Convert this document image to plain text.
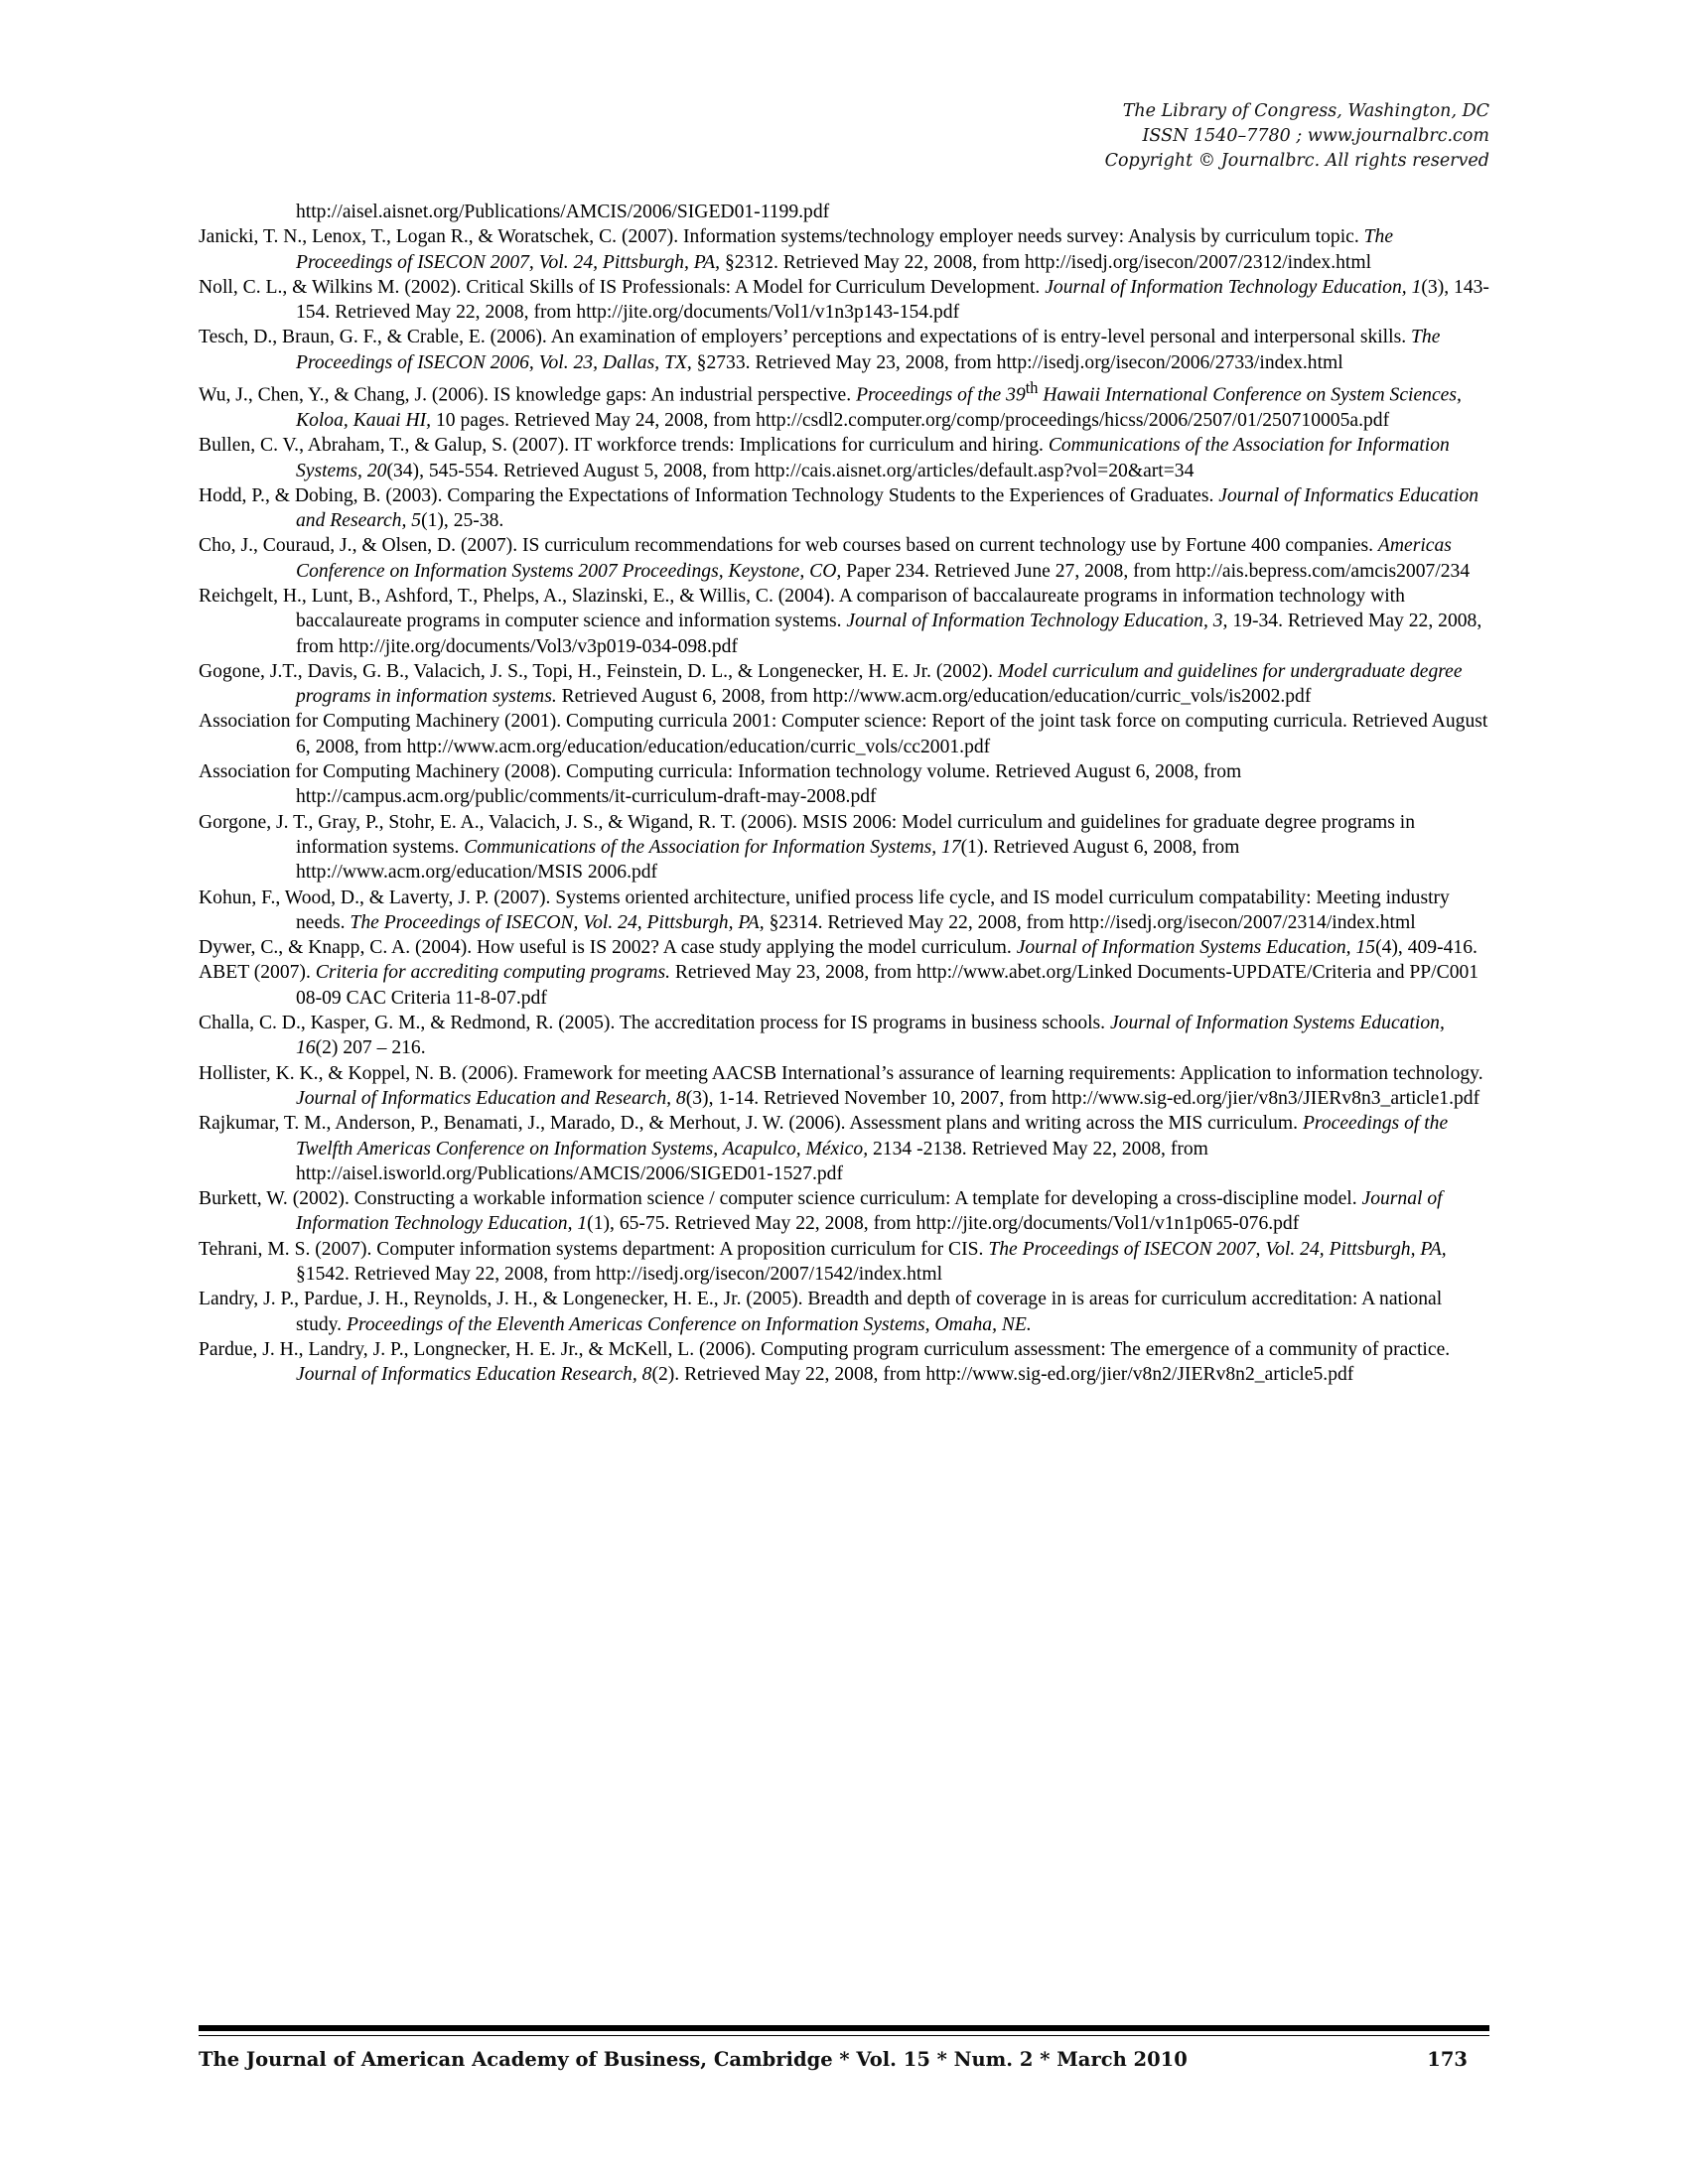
The Library of Congress, Washington, DC
ISSN 1540–7780 ; www.journalbrc.com
Copyright © Journalbrc. All rights reserved
http://aisel.aisnet.org/Publications/AMCIS/2006/SIGED01-1199.pdf
Janicki, T. N., Lenox, T., Logan R., & Woratschek, C. (2007). Information systems/technology employer needs survey: Analysis by curriculum topic. The Proceedings of ISECON 2007, Vol. 24, Pittsburgh, PA, §2312. Retrieved May 22, 2008, from http://isedj.org/isecon/2007/2312/index.html
Noll, C. L., & Wilkins M. (2002). Critical Skills of IS Professionals: A Model for Curriculum Development. Journal of Information Technology Education, 1(3), 143-154. Retrieved May 22, 2008, from http://jite.org/documents/Vol1/v1n3p143-154.pdf
Tesch, D., Braun, G. F., & Crable, E. (2006). An examination of employers’ perceptions and expectations of is entry-level personal and interpersonal skills. The Proceedings of ISECON 2006, Vol. 23, Dallas, TX, §2733. Retrieved May 23, 2008, from http://isedj.org/isecon/2006/2733/index.html
Wu, J., Chen, Y., & Chang, J. (2006). IS knowledge gaps: An industrial perspective. Proceedings of the 39th Hawaii International Conference on System Sciences, Koloa, Kauai HI, 10 pages. Retrieved May 24, 2008, from http://csdl2.computer.org/comp/proceedings/hicss/2006/2507/01/250710005a.pdf
Bullen, C. V., Abraham, T., & Galup, S. (2007). IT workforce trends: Implications for curriculum and hiring. Communications of the Association for Information Systems, 20(34), 545-554. Retrieved August 5, 2008, from http://cais.aisnet.org/articles/default.asp?vol=20&art=34
Hodd, P., & Dobing, B. (2003). Comparing the Expectations of Information Technology Students to the Experiences of Graduates. Journal of Informatics Education and Research, 5(1), 25-38.
Cho, J., Couraud, J., & Olsen, D. (2007). IS curriculum recommendations for web courses based on current technology use by Fortune 400 companies. Americas Conference on Information Systems 2007 Proceedings, Keystone, CO, Paper 234. Retrieved June 27, 2008, from http://ais.bepress.com/amcis2007/234
Reichgelt, H., Lunt, B., Ashford, T., Phelps, A., Slazinski, E., & Willis, C. (2004). A comparison of baccalaureate programs in information technology with baccalaureate programs in computer science and information systems. Journal of Information Technology Education, 3, 19-34. Retrieved May 22, 2008, from http://jite.org/documents/Vol3/v3p019-034-098.pdf
Gogone, J.T., Davis, G. B., Valacich, J. S., Topi, H., Feinstein, D. L., & Longenecker, H. E. Jr. (2002). Model curriculum and guidelines for undergraduate degree programs in information systems. Retrieved August 6, 2008, from http://www.acm.org/education/education/curric_vols/is2002.pdf
Association for Computing Machinery (2001). Computing curricula 2001: Computer science: Report of the joint task force on computing curricula. Retrieved August 6, 2008, from http://www.acm.org/education/education/education/curric_vols/cc2001.pdf
Association for Computing Machinery (2008). Computing curricula: Information technology volume. Retrieved August 6, 2008, from http://campus.acm.org/public/comments/it-curriculum-draft-may-2008.pdf
Gorgone, J. T., Gray, P., Stohr, E. A., Valacich, J. S., & Wigand, R. T. (2006). MSIS 2006: Model curriculum and guidelines for graduate degree programs in information systems. Communications of the Association for Information Systems, 17(1). Retrieved August 6, 2008, from http://www.acm.org/education/MSIS 2006.pdf
Kohun, F., Wood, D., & Laverty, J. P. (2007). Systems oriented architecture, unified process life cycle, and IS model curriculum compatability: Meeting industry needs. The Proceedings of ISECON, Vol. 24, Pittsburgh, PA, §2314. Retrieved May 22, 2008, from http://isedj.org/isecon/2007/2314/index.html
Dywer, C., & Knapp, C. A. (2004). How useful is IS 2002? A case study applying the model curriculum. Journal of Information Systems Education, 15(4), 409-416.
ABET (2007). Criteria for accrediting computing programs. Retrieved May 23, 2008, from http://www.abet.org/Linked Documents-UPDATE/Criteria and PP/C001 08-09 CAC Criteria 11-8-07.pdf
Challa, C. D., Kasper, G. M., & Redmond, R. (2005). The accreditation process for IS programs in business schools. Journal of Information Systems Education, 16(2) 207 – 216.
Hollister, K. K., & Koppel, N. B. (2006). Framework for meeting AACSB International’s assurance of learning requirements: Application to information technology. Journal of Informatics Education and Research, 8(3), 1-14. Retrieved November 10, 2007, from http://www.sig-ed.org/jier/v8n3/JIERv8n3_article1.pdf
Rajkumar, T. M., Anderson, P., Benamati, J., Marado, D., & Merhout, J. W. (2006). Assessment plans and writing across the MIS curriculum. Proceedings of the Twelfth Americas Conference on Information Systems, Acapulco, México, 2134 -2138. Retrieved May 22, 2008, from http://aisel.isworld.org/Publications/AMCIS/2006/SIGED01-1527.pdf
Burkett, W. (2002). Constructing a workable information science / computer science curriculum: A template for developing a cross-discipline model. Journal of Information Technology Education, 1(1), 65-75. Retrieved May 22, 2008, from http://jite.org/documents/Vol1/v1n1p065-076.pdf
Tehrani, M. S. (2007). Computer information systems department: A proposition curriculum for CIS. The Proceedings of ISECON 2007, Vol. 24, Pittsburgh, PA, §1542. Retrieved May 22, 2008, from http://isedj.org/isecon/2007/1542/index.html
Landry, J. P., Pardue, J. H., Reynolds, J. H., & Longenecker, H. E., Jr. (2005). Breadth and depth of coverage in is areas for curriculum accreditation: A national study. Proceedings of the Eleventh Americas Conference on Information Systems, Omaha, NE.
Pardue, J. H., Landry, J. P., Longnecker, H. E. Jr., & McKell, L. (2006). Computing program curriculum assessment: The emergence of a community of practice. Journal of Informatics Education Research, 8(2). Retrieved May 22, 2008, from http://www.sig-ed.org/jier/v8n2/JIERv8n2_article5.pdf
The Journal of American Academy of Business, Cambridge * Vol. 15 * Num. 2 * March 2010	173
